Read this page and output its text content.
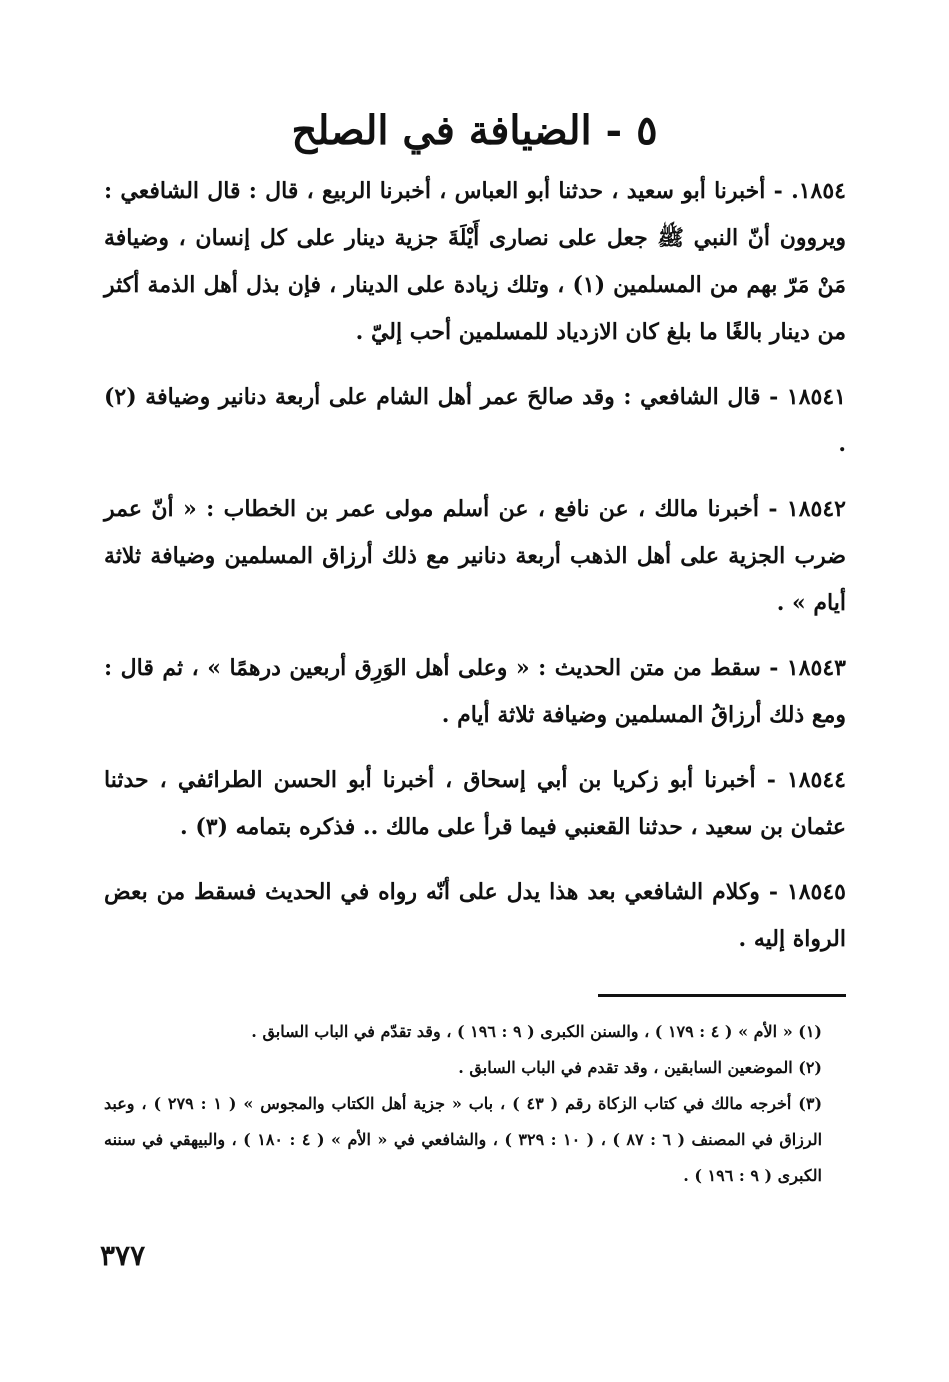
٥ - الضيافة في الصلح

١٨٥٤. - أخبرنا أبو سعيد ، حدثنا أبو العباس ، أخبرنا الربيع ، قال : قال الشافعي : ويروون أنّ النبي ﷺ جعل على نصارى أَيْلَةَ جزية دينار على كل إنسان ، وضيافة مَنْ مَرّ بهم من المسلمين (١) ، وتلك زيادة على الدينار ، فإن بذل أهل الذمة أكثر من دينار بالغًا ما بلغ كان الازدياد للمسلمين أحب إليّ .

١٨٥٤١ - قال الشافعي : وقد صالحَ عمر أهل الشام على أربعة دنانير وضيافة (٢) .

١٨٥٤٢ - أخبرنا مالك ، عن نافع ، عن أسلم مولى عمر بن الخطاب : « أنّ عمر ضرب الجزية على أهل الذهب أربعة دنانير مع ذلك أرزاق المسلمين وضيافة ثلاثة أيام » .

١٨٥٤٣ - سقط من متن الحديث : « وعلى أهل الوَرِق أربعين درهمًا » ، ثم قال : ومع ذلك أرزاقُ المسلمين وضيافة ثلاثة أيام .

١٨٥٤٤ - أخبرنا أبو زكريا بن أبي إسحاق ، أخبرنا أبو الحسن الطرائفي ، حدثنا عثمان بن سعيد ، حدثنا القعنبي فيما قرأ على مالك .. فذكره بتمامه (٣) .

١٨٥٤٥ - وكلام الشافعي بعد هذا يدل على أنّه رواه في الحديث فسقط من بعض الرواة إليه .

(١) « الأم » ( ٤ : ١٧٩ ) ، والسنن الكبرى ( ٩ : ١٩٦ ) ، وقد تقدّم في الباب السابق .

(٢) الموضعين السابقين ، وقد تقدم في الباب السابق .

(٣) أخرجه مالك في كتاب الزكاة رقم ( ٤٣ ) ، باب « جزية أهل الكتاب والمجوس » ( ١ : ٢٧٩ ) ، وعبد الرزاق في المصنف ( ٦ : ٨٧ ) ، ( ١٠ : ٣٢٩ ) ، والشافعي في « الأم » ( ٤ : ١٨٠ ) ، والبيهقي في سننه الكبرى ( ٩ : ١٩٦ ) .

٣٧٧
